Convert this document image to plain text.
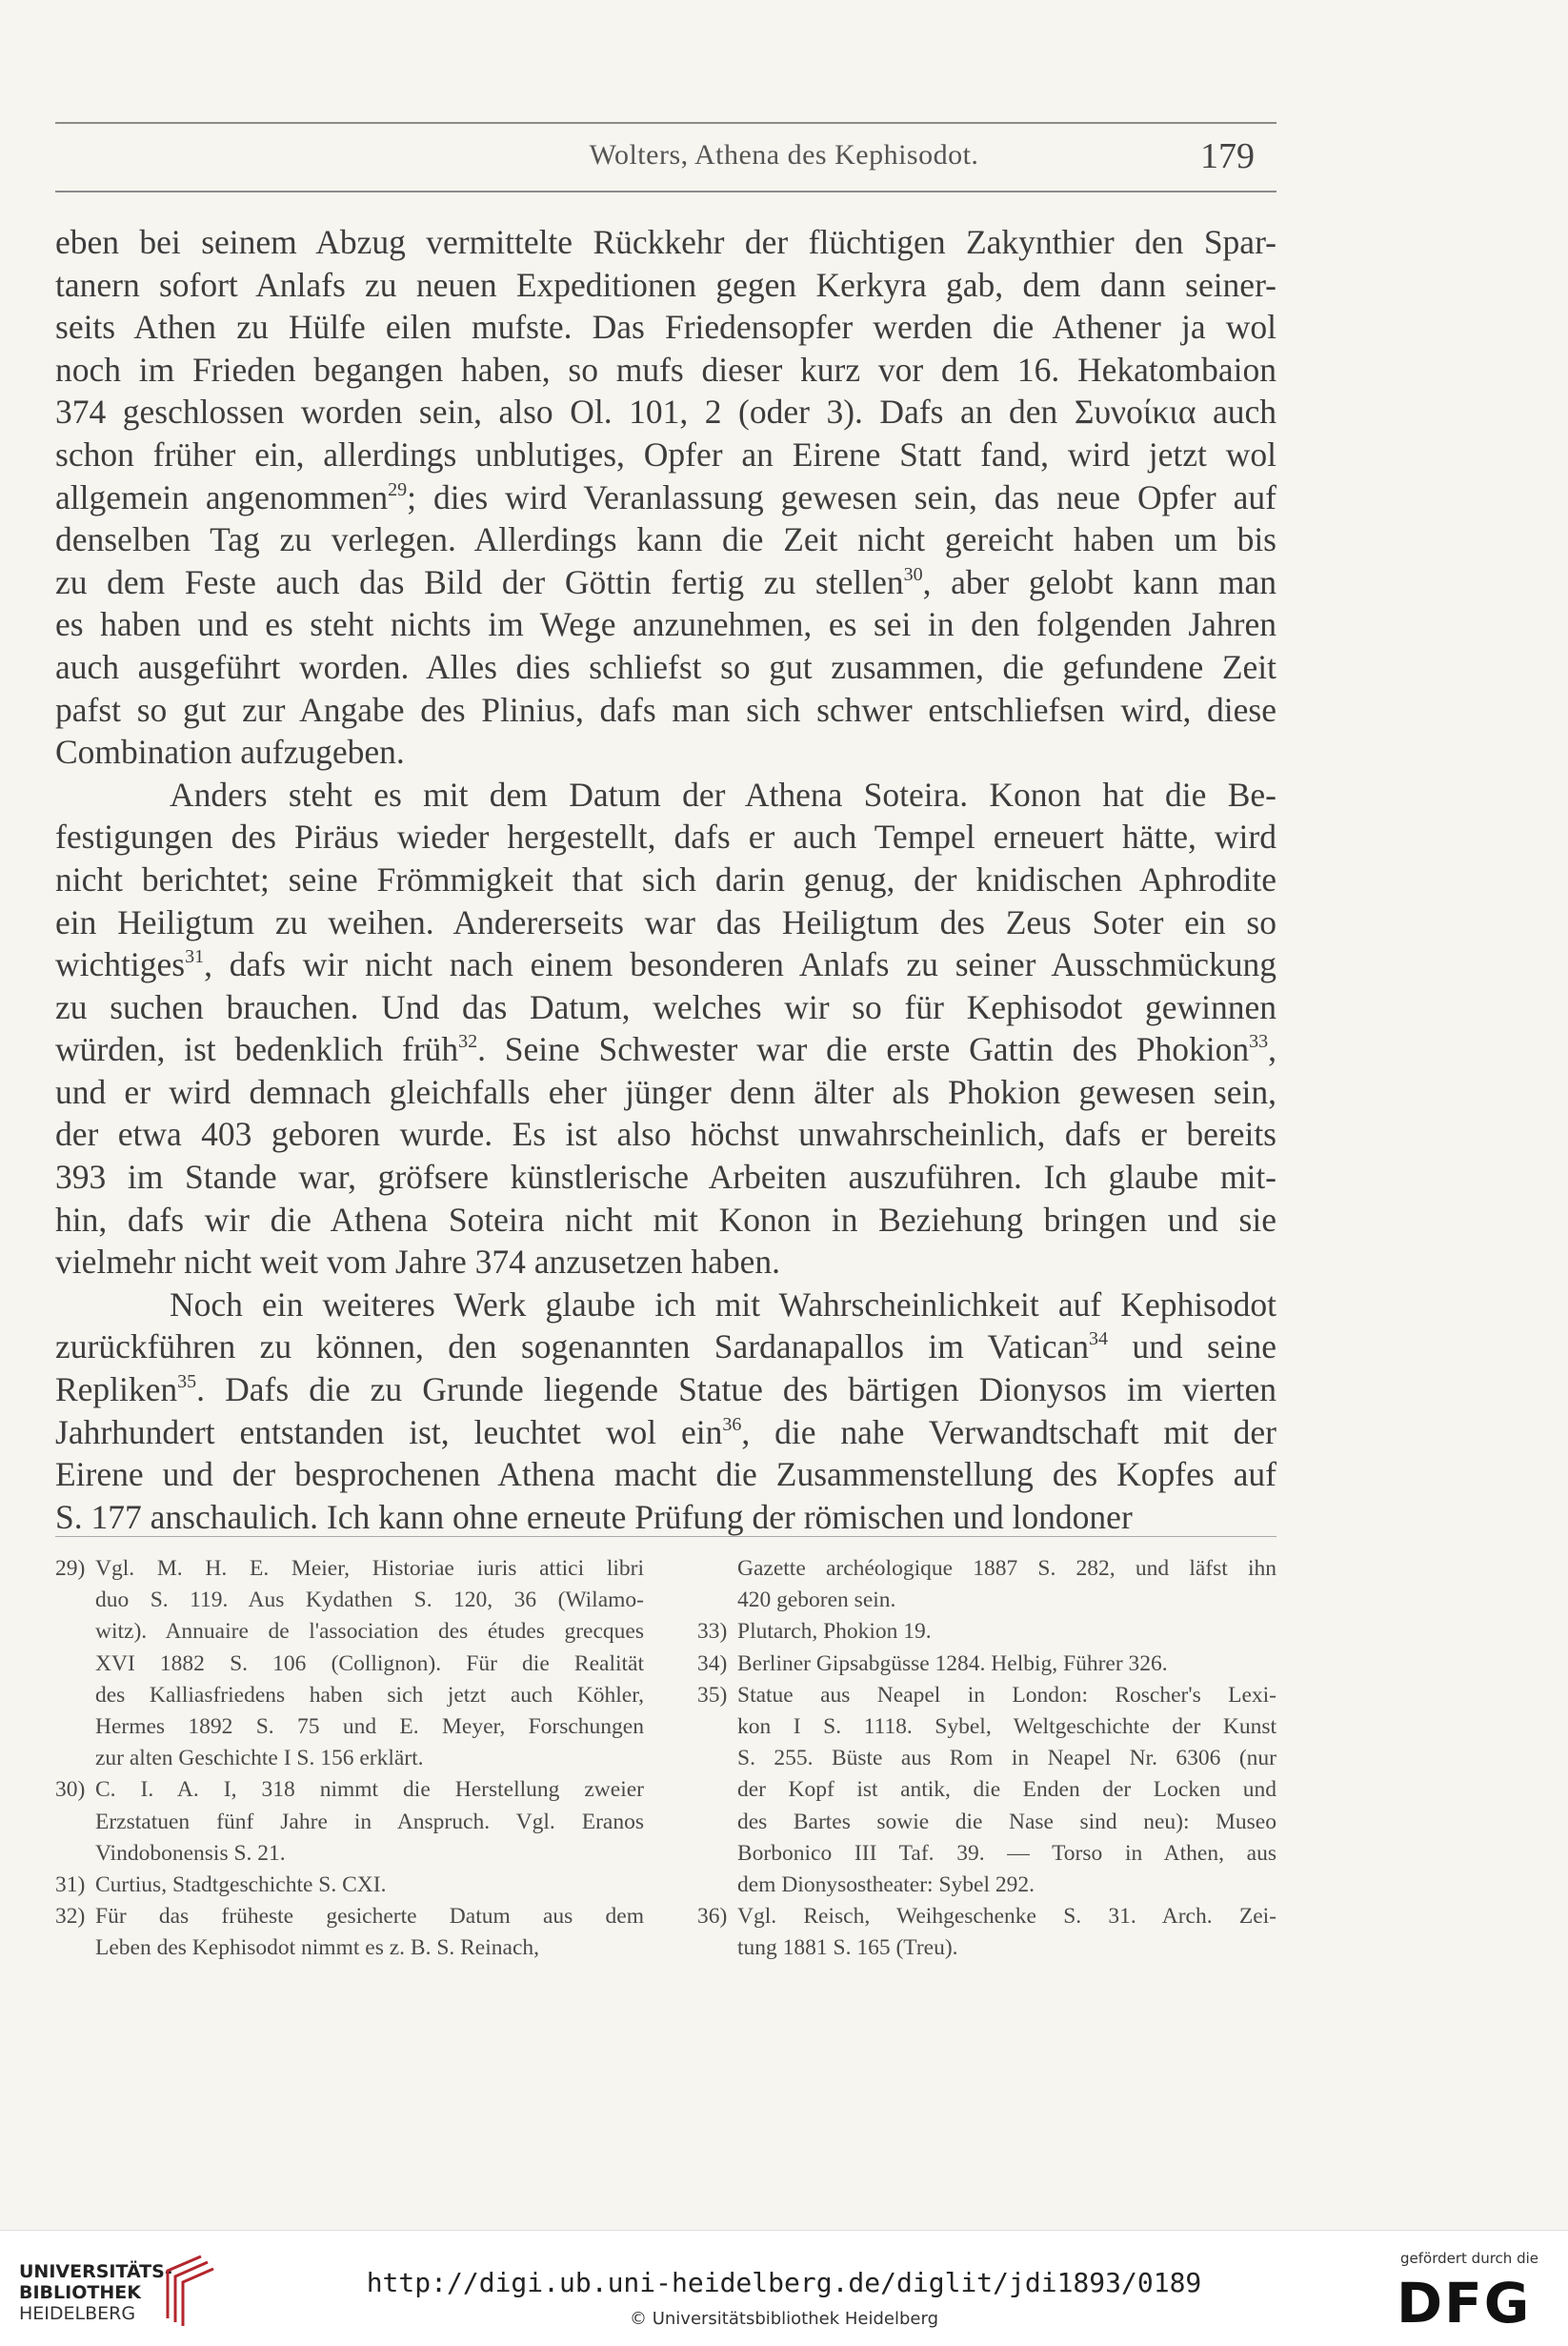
Wolters, Athena des Kephisodot.	179
eben bei seinem Abzug vermittelte Rückkehr der flüchtigen Zakynthier den Spar-
tanern sofort Anlafs zu neuen Expeditionen gegen Kerkyra gab, dem dann seiner-
seits Athen zu Hülfe eilen mufste. Das Friedensopfer werden die Athener ja wol
noch im Frieden begangen haben, so mufs dieser kurz vor dem 16. Hekatombaion
374 geschlossen worden sein, also Ol. 101, 2 (oder 3). Dafs an den Συνοίκια auch
schon früher ein, allerdings unblutiges, Opfer an Eirene Statt fand, wird jetzt wol
allgemein angenommen$^{29}$; dies wird Veranlassung gewesen sein, das neue Opfer auf
denselben Tag zu verlegen. Allerdings kann die Zeit nicht gereicht haben um bis
zu dem Feste auch das Bild der Göttin fertig zu stellen$^{30}$, aber gelobt kann man
es haben und es steht nichts im Wege anzunehmen, es sei in den folgenden Jahren
auch ausgeführt worden. Alles dies schliefst so gut zusammen, die gefundene Zeit
pafst so gut zur Angabe des Plinius, dafs man sich schwer entschliefsen wird, diese
Combination aufzugeben.
Anders steht es mit dem Datum der Athena Soteira. Konon hat die Be-
festigungen des Piräus wieder hergestellt, dafs er auch Tempel erneuert hätte, wird
nicht berichtet; seine Frömmigkeit that sich darin genug, der knidischen Aphrodite
ein Heiligtum zu weihen. Andererseits war das Heiligtum des Zeus Soter ein so
wichtiges$^{31}$, dafs wir nicht nach einem besonderen Anlafs zu seiner Ausschmückung
zu suchen brauchen. Und das Datum, welches wir so für Kephisodot gewinnen
würden, ist bedenklich früh$^{32}$. Seine Schwester war die erste Gattin des Phokion$^{33}$,
und er wird demnach gleichfalls eher jünger denn älter als Phokion gewesen sein,
der etwa 403 geboren wurde. Es ist also höchst unwahrscheinlich, dafs er bereits
393 im Stande war, gröfsere künstlerische Arbeiten auszuführen. Ich glaube mit-
hin, dafs wir die Athena Soteira nicht mit Konon in Beziehung bringen und sie
vielmehr nicht weit vom Jahre 374 anzusetzen haben.
Noch ein weiteres Werk glaube ich mit Wahrscheinlichkeit auf Kephisodot
zurückführen zu können, den sogenannten Sardanapallos im Vatican$^{34}$ und seine
Repliken$^{35}$. Dafs die zu Grunde liegende Statue des bärtigen Dionysos im vierten
Jahrhundert entstanden ist, leuchtet wol ein$^{36}$, die nahe Verwandtschaft mit der
Eirene und der besprochenen Athena macht die Zusammenstellung des Kopfes auf
S. 177 anschaulich. Ich kann ohne erneute Prüfung der römischen und londoner
29) Vgl. M. H. E. Meier, Historiae iuris attici libri
duo S. 119. Aus Kydathen S. 120, 36 (Wilamo-
witz). Annuaire de l'association des études grecques
XVI 1882 S. 106 (Collignon). Für die Realität
des Kalliasfriedens haben sich jetzt auch Köhler,
Hermes 1892 S. 75 und E. Meyer, Forschungen
zur alten Geschichte I S. 156 erklärt.
30) C. I. A. I, 318 nimmt die Herstellung zweier
Erzstatuen fünf Jahre in Anspruch. Vgl. Eranos
Vindobonensis S. 21.
31) Curtius, Stadtgeschichte S. CXI.
32) Für das früheste gesicherte Datum aus dem
Leben des Kephisodot nimmt es z. B. S. Reinach,
Gazette archéologique 1887 S. 282, und läfst ihn
420 geboren sein.
33) Plutarch, Phokion 19.
34) Berliner Gipsabgüsse 1284. Helbig, Führer 326.
35) Statue aus Neapel in London: Roscher's Lexi-
kon I S. 1118. Sybel, Weltgeschichte der Kunst
S. 255. Büste aus Rom in Neapel Nr. 6306 (nur
der Kopf ist antik, die Enden der Locken und
des Bartes sowie die Nase sind neu): Museo
Borbonico III Taf. 39. — Torso in Athen, aus
dem Dionysostheater: Sybel 292.
36) Vgl. Reisch, Weihgeschenke S. 31. Arch. Zei-
tung 1881 S. 165 (Treu).
UNIVERSITÄTS-
BIBLIOTHEK
HEIDELBERG
http://digi.ub.uni-heidelberg.de/diglit/jdi1893/0189
© Universitätsbibliothek Heidelberg
gefördert durch die
DFG
